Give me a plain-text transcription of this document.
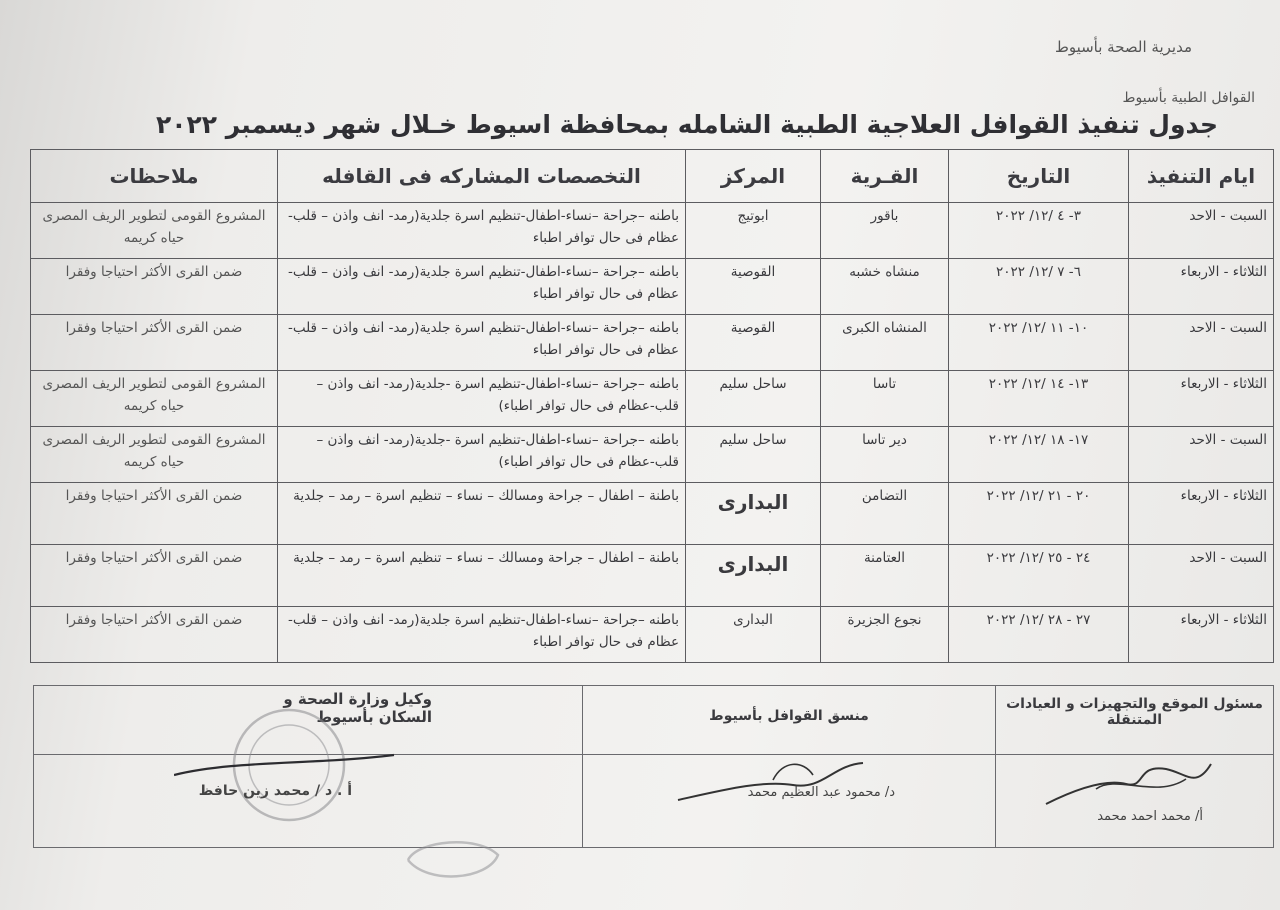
مديرية الصحة بأسيوط
القوافل الطبية بأسيوط
جدول تنفيذ القوافل العلاجية الطبية الشامله بمحافظة اسيوط خـلال شهر ديسمبر ٢٠٢٢
ايام التنفيذ	التاريخ	القـرية	المركز	التخصصات المشاركه فى القافله	ملاحظات
السبت - الاحد	٣- ٤ /١٢/ ٢٠٢٢	باقور	ابوتيج	باطنه –جراحة –نساء-اطفال-تنظيم اسرة جلدية(رمد- انف واذن – قلب-عظام فى حال توافر اطباء	المشروع القومى لتطوير الريف المصرى حياه كريمه
الثلاثاء - الاربعاء	٦- ٧ /١٢/ ٢٠٢٢	منشاه خشبه	القوصية	باطنه –جراحة –نساء-اطفال-تنظيم اسرة جلدية(رمد- انف واذن – قلب-عظام فى حال توافر اطباء	ضمن القرى الأكثر احتياجا وفقرا
السبت - الاحد	١٠- ١١ /١٢/ ٢٠٢٢	المنشاه الكبرى	القوصية	باطنه –جراحة –نساء-اطفال-تنظيم اسرة جلدية(رمد- انف واذن – قلب-عظام فى حال توافر اطباء	ضمن القرى الأكثر احتياجا وفقرا
الثلاثاء - الاربعاء	١٣- ١٤ /١٢/ ٢٠٢٢	تاسا	ساحل سليم	باطنه –جراحة –نساء-اطفال-تنظيم اسرة -جلدية(رمد- انف واذن – قلب-عظام فى حال توافر اطباء)	المشروع القومى لتطوير الريف المصرى حياه كريمه
السبت - الاحد	١٧- ١٨ /١٢/ ٢٠٢٢	دير تاسا	ساحل سليم	باطنه –جراحة –نساء-اطفال-تنظيم اسرة -جلدية(رمد- انف واذن – قلب-عظام فى حال توافر اطباء)	المشروع القومى لتطوير الريف المصرى حياه كريمه
الثلاثاء - الاربعاء	٢٠ - ٢١ /١٢/ ٢٠٢٢	التضامن	البدارى	باطنة – اطفال – جراحة ومسالك – نساء – تنظيم اسرة – رمد – جلدية	ضمن القرى الأكثر احتياجا وفقرا
السبت - الاحد	٢٤ - ٢٥ /١٢/ ٢٠٢٢	العتامنة	البدارى	باطنة – اطفال – جراحة ومسالك – نساء – تنظيم اسرة – رمد – جلدية	ضمن القرى الأكثر احتياجا وفقرا
الثلاثاء - الاربعاء	٢٧ - ٢٨ /١٢/ ٢٠٢٢	نجوع الجزيرة	البدارى	باطنه –جراحة –نساء-اطفال-تنظيم اسرة جلدية(رمد- انف واذن – قلب-عظام فى حال توافر اطباء	ضمن القرى الأكثر احتياجا وفقرا
مسئول الموقع والتجهيزات و العيادات المتنقلة	منسق القوافل بأسيوط	وكيل وزارة الصحة و السكان بأسيوط

أ/ محمد احمد محمد	د/ محمود عبد العظيم محمد	أ . د / محمد زين حافظ
